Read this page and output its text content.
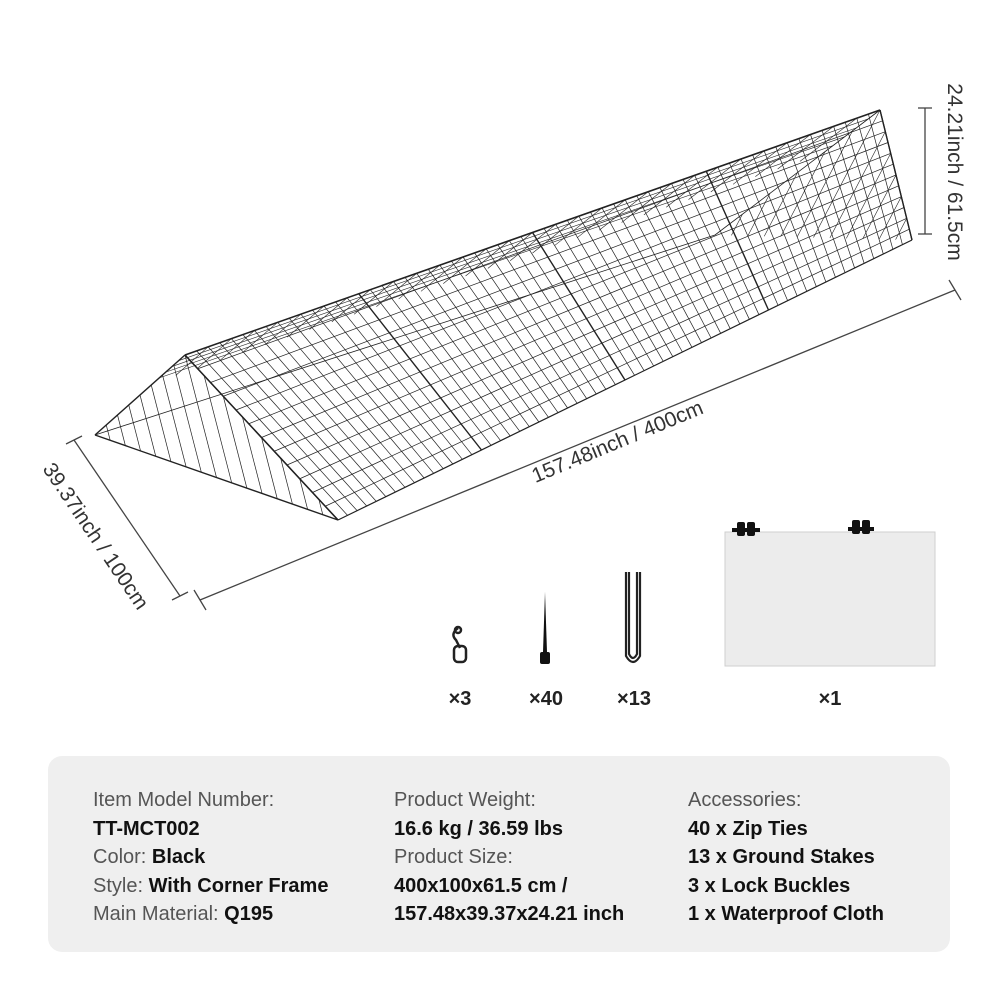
157.48inch / 400cm
39.37inch / 100cm
24.21inch / 61.5cm
×3	×40	×13	×1
Item Model Number:
TT-MCT002
Color: Black
Style: With Corner Frame
Main Material: Q195
Product Weight:
16.6 kg / 36.59 lbs
Product Size:
400x100x61.5 cm /
157.48x39.37x24.21 inch
Accessories:
40 x Zip Ties
13 x Ground Stakes
3 x Lock Buckles
1 x Waterproof Cloth
